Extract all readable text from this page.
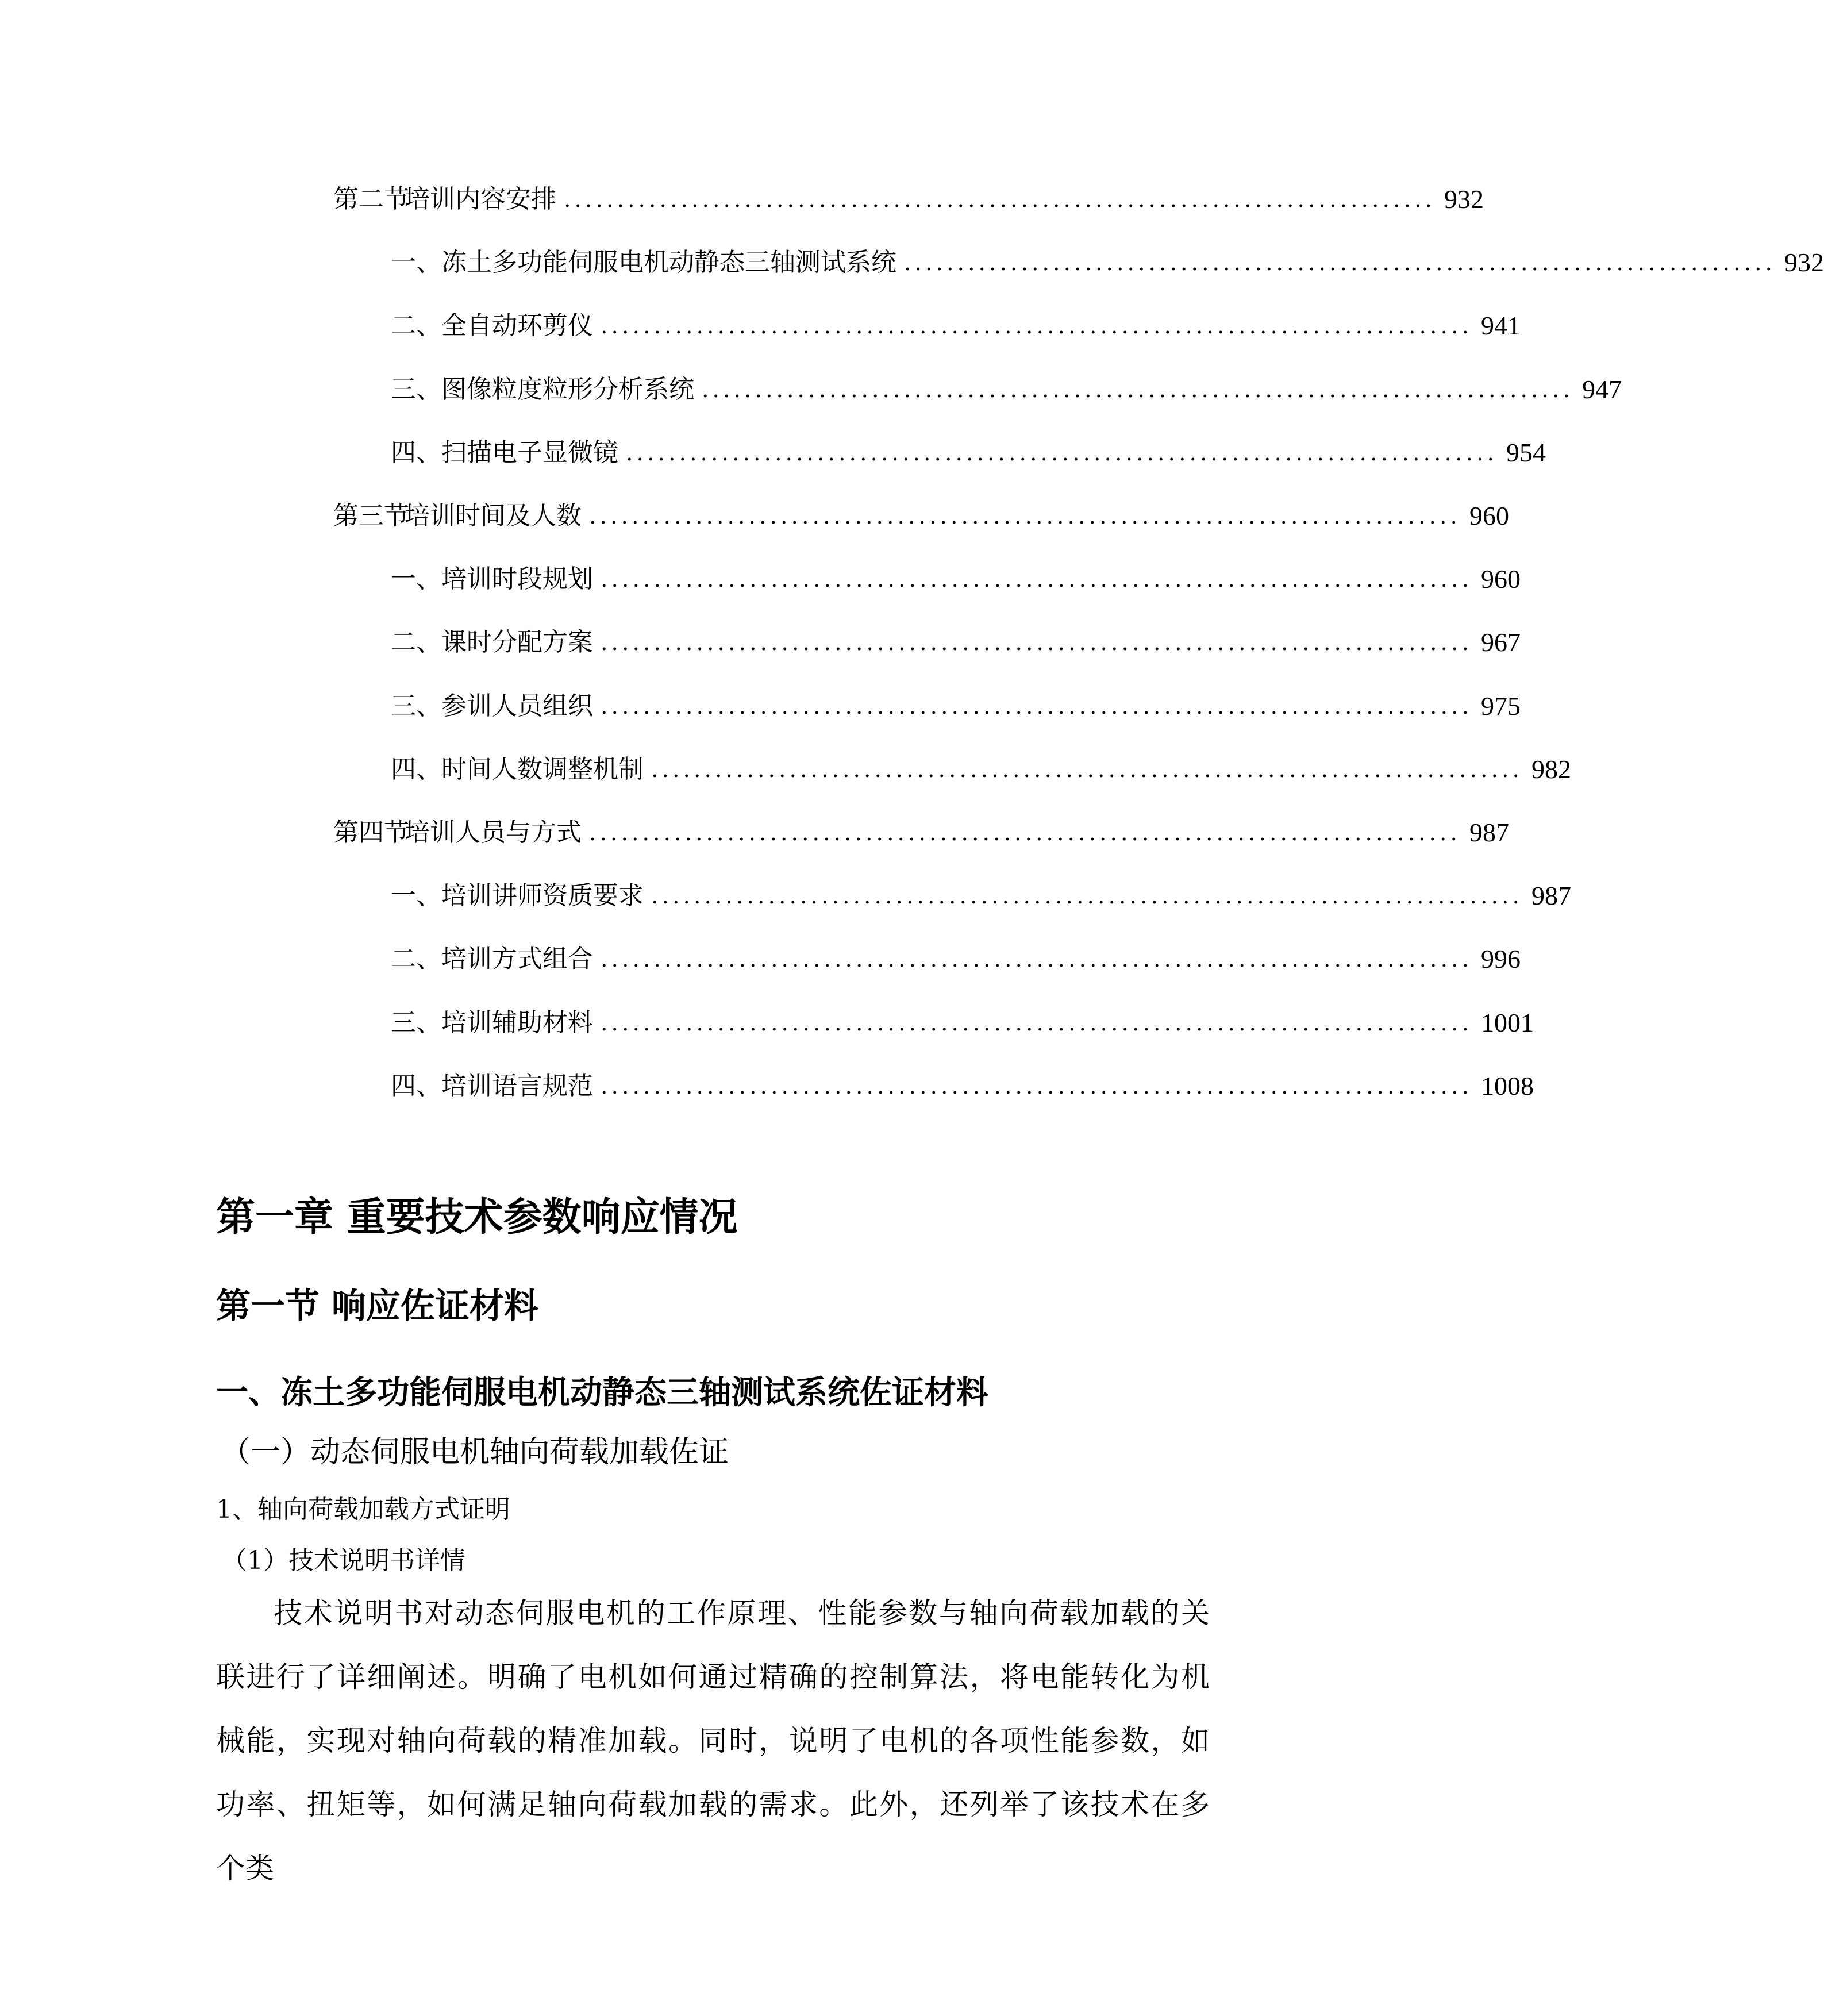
第二节
培训内容安排 .................................................................................. 932
一、 冻土多功能伺服电机动静态三轴测试系统 .................................................................................. 932
二、 全自动环剪仪 .................................................................................. 941
三、 图像粒度粒形分析系统 .................................................................................. 947
四、 扫描电子显微镜 .................................................................................. 954
第三节
培训时间及人数 .................................................................................. 960
一、 培训时段规划 .................................................................................. 960
二、 课时分配方案 .................................................................................. 967
三、 参训人员组织 .................................................................................. 975
四、 时间人数调整机制 .................................................................................. 982
第四节
培训人员与方式 .................................................................................. 987
一、 培训讲师资质要求 .................................................................................. 987
二、 培训方式组合 .................................................................................. 996
三、 培训辅助材料 .................................................................................. 1001
四、 培训语言规范 .................................................................................. 1008
第一章 重要技术参数响应情况
第一节 响应佐证材料
一、冻土多功能伺服电机动静态三轴测试系统佐证材料
（一）动态伺服电机轴向荷载加载佐证
1、轴向荷载加载方式证明
（1）技术说明书详情
技术说明书对动态伺服电机的工作原理、性能参数与轴向荷载加载的关联进行了详细阐述。明确了电机如何通过精确的控制算法，将电能转化为机械能，实现对轴向荷载的精准加载。同时，说明了电机的各项性能参数，如功率、扭矩等，如何满足轴向荷载加载的需求。此外，还列举了该技术在多个类
